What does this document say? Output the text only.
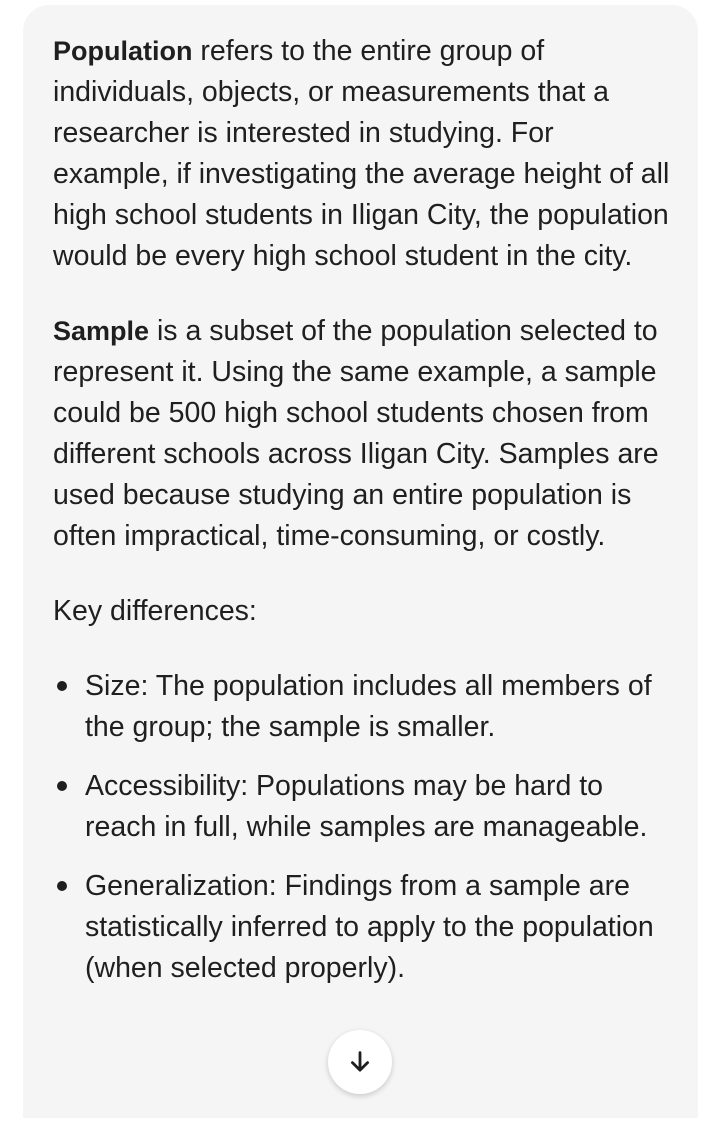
Population refers to the entire group of individuals, objects, or measurements that a researcher is interested in studying. For example, if investigating the average height of all high school students in Iligan City, the population would be every high school student in the city.

Sample is a subset of the population selected to represent it. Using the same example, a sample could be 500 high school students chosen from different schools across Iligan City. Samples are used because studying an entire population is often impractical, time-consuming, or costly.

Key differences:
Size: The population includes all members of the group; the sample is smaller.
Accessibility: Populations may be hard to reach in full, while samples are manageable.
Generalization: Findings from a sample are statistically inferred to apply to the population (when selected properly).
